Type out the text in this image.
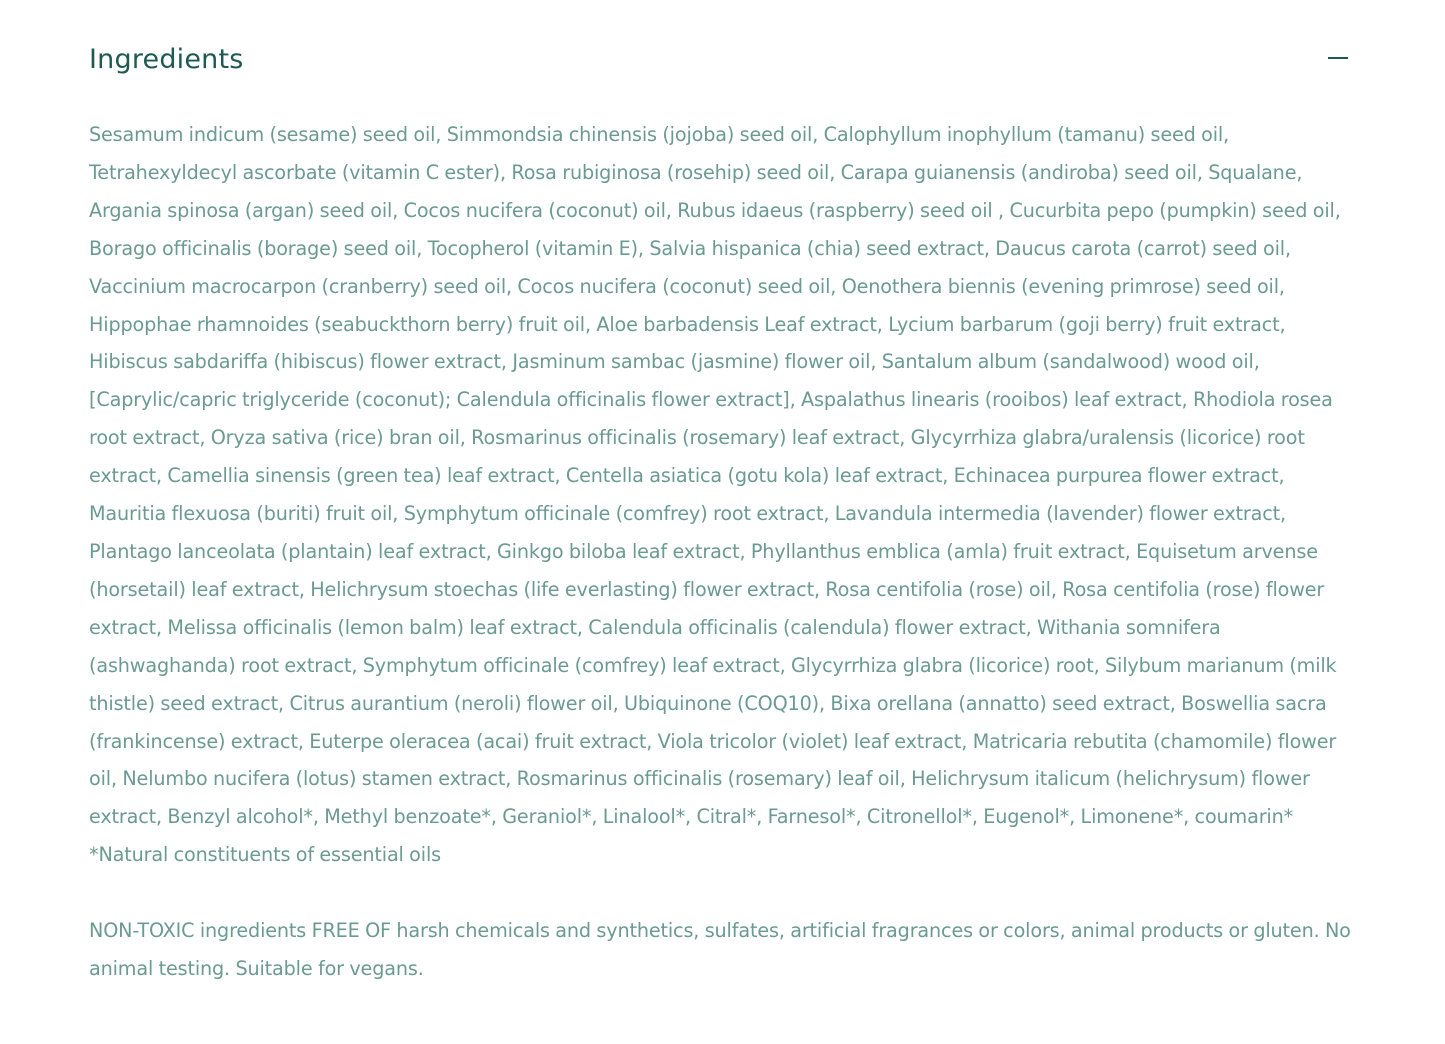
Ingredients

Sesamum indicum (sesame) seed oil, Simmondsia chinensis (jojoba) seed oil, Calophyllum inophyllum (tamanu) seed oil, Tetrahexyldecyl ascorbate (vitamin C ester), Rosa rubiginosa (rosehip) seed oil, Carapa guianensis (andiroba) seed oil, Squalane, Argania spinosa (argan) seed oil, Cocos nucifera (coconut) oil, Rubus idaeus (raspberry) seed oil , Cucurbita pepo (pumpkin) seed oil, Borago officinalis (borage) seed oil, Tocopherol (vitamin E), Salvia hispanica (chia) seed extract, Daucus carota (carrot) seed oil, Vaccinium macrocarpon (cranberry) seed oil, Cocos nucifera (coconut) seed oil, Oenothera biennis (evening primrose) seed oil, Hippophae rhamnoides (seabuckthorn berry) fruit oil, Aloe barbadensis Leaf extract, Lycium barbarum (goji berry) fruit extract, Hibiscus sabdariffa (hibiscus) flower extract, Jasminum sambac (jasmine) flower oil, Santalum album (sandalwood) wood oil, [Caprylic/capric triglyceride (coconut); Calendula officinalis flower extract], Aspalathus linearis (rooibos) leaf extract, Rhodiola rosea root extract, Oryza sativa (rice) bran oil, Rosmarinus officinalis (rosemary) leaf extract, Glycyrrhiza glabra/uralensis (licorice) root extract, Camellia sinensis (green tea) leaf extract, Centella asiatica (gotu kola) leaf extract, Echinacea purpurea flower extract, Mauritia flexuosa (buriti) fruit oil, Symphytum officinale (comfrey) root extract, Lavandula intermedia (lavender) flower extract, Plantago lanceolata (plantain) leaf extract, Ginkgo biloba leaf extract, Phyllanthus emblica (amla) fruit extract, Equisetum arvense (horsetail) leaf extract, Helichrysum stoechas (life everlasting) flower extract, Rosa centifolia (rose) oil, Rosa centifolia (rose) flower extract, Melissa officinalis (lemon balm) leaf extract, Calendula officinalis (calendula) flower extract, Withania somnifera (ashwaghanda) root extract, Symphytum officinale (comfrey) leaf extract, Glycyrrhiza glabra (licorice) root, Silybum marianum (milk thistle) seed extract, Citrus aurantium (neroli) flower oil, Ubiquinone (COQ10), Bixa orellana (annatto) seed extract, Boswellia sacra (frankincense) extract, Euterpe oleracea (acai) fruit extract, Viola tricolor (violet) leaf extract, Matricaria rebutita (chamomile) flower oil, Nelumbo nucifera (lotus) stamen extract, Rosmarinus officinalis (rosemary) leaf oil, Helichrysum italicum (helichrysum) flower extract, Benzyl alcohol*, Methyl benzoate*, Geraniol*, Linalool*, Citral*, Farnesol*, Citronellol*, Eugenol*, Limonene*, coumarin*

*Natural constituents of essential oils

NON-TOXIC ingredients FREE OF harsh chemicals and synthetics, sulfates, artificial fragrances or colors, animal products or gluten. No animal testing. Suitable for vegans.
